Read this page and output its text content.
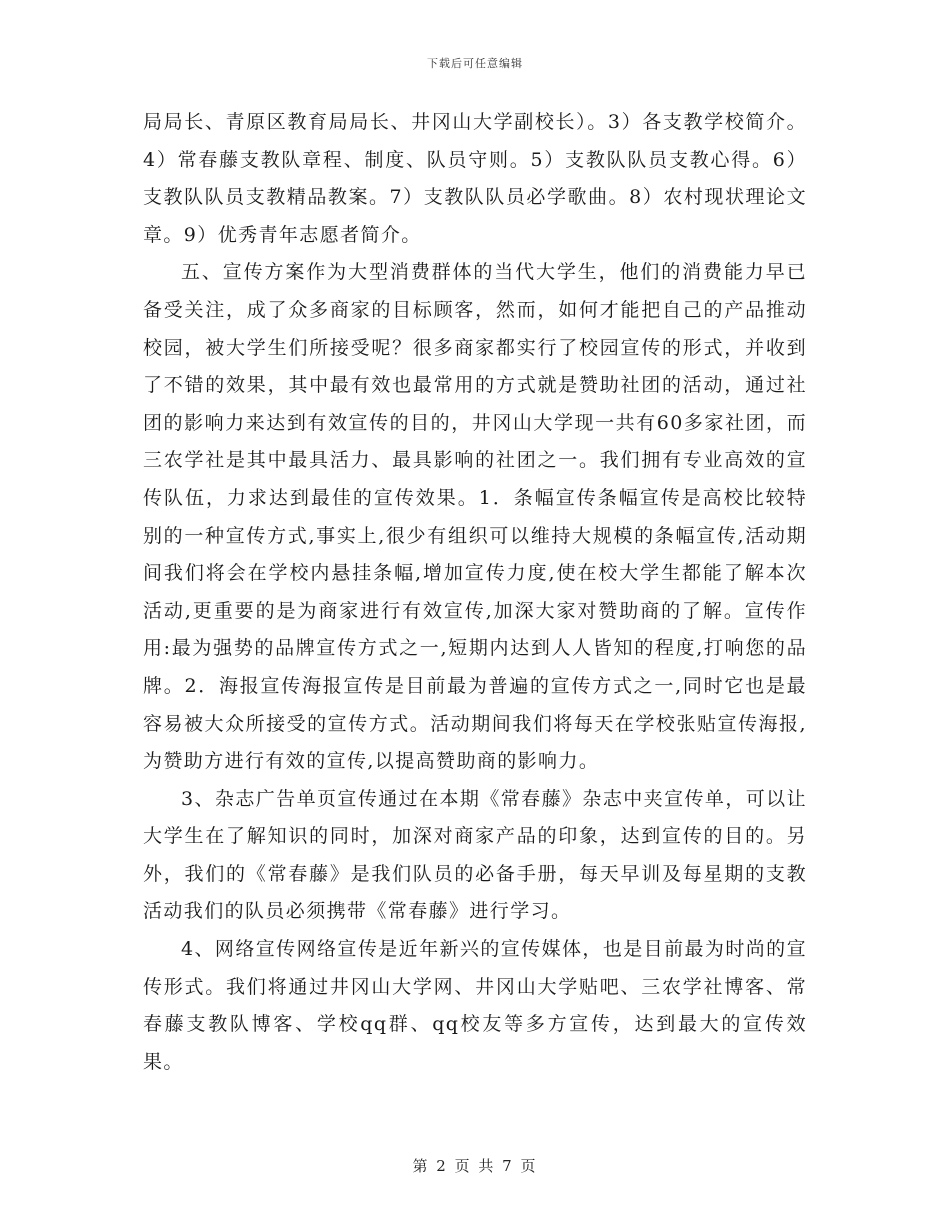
下载后可任意编辑

局局长、青原区教育局局长、井冈山大学副校长）。3）各支教学校简介。4）常春藤支教队章程、制度、队员守则。5）支教队队员支教心得。6）支教队队员支教精品教案。7）支教队队员必学歌曲。8）农村现状理论文章。9）优秀青年志愿者简介。

五、宣传方案作为大型消费群体的当代大学生，他们的消费能力早已备受关注，成了众多商家的目标顾客，然而，如何才能把自己的产品推动校园，被大学生们所接受呢？很多商家都实行了校园宣传的形式，并收到了不错的效果，其中最有效也最常用的方式就是赞助社团的活动，通过社团的影响力来达到有效宣传的目的，井冈山大学现一共有60多家社团，而三农学社是其中最具活力、最具影响的社团之一。我们拥有专业高效的宣传队伍，力求达到最佳的宣传效果。1．条幅宣传条幅宣传是高校比较特别的一种宣传方式,事实上,很少有组织可以维持大规模的条幅宣传,活动期间我们将会在学校内悬挂条幅,增加宣传力度,使在校大学生都能了解本次活动,更重要的是为商家进行有效宣传,加深大家对赞助商的了解。宣传作用:最为强势的品牌宣传方式之一,短期内达到人人皆知的程度,打响您的品牌。2．海报宣传海报宣传是目前最为普遍的宣传方式之一,同时它也是最容易被大众所接受的宣传方式。活动期间我们将每天在学校张贴宣传海报,为赞助方进行有效的宣传,以提高赞助商的影响力。

3、杂志广告单页宣传通过在本期《常春藤》杂志中夹宣传单，可以让大学生在了解知识的同时，加深对商家产品的印象，达到宣传的目的。另外，我们的《常春藤》是我们队员的必备手册，每天早训及每星期的支教活动我们的队员必须携带《常春藤》进行学习。

4、网络宣传网络宣传是近年新兴的宣传媒体，也是目前最为时尚的宣传形式。我们将通过井冈山大学网、井冈山大学贴吧、三农学社博客、常春藤支教队博客、学校qq群、qq校友等多方宣传，达到最大的宣传效果。

第 2 页 共 7 页
